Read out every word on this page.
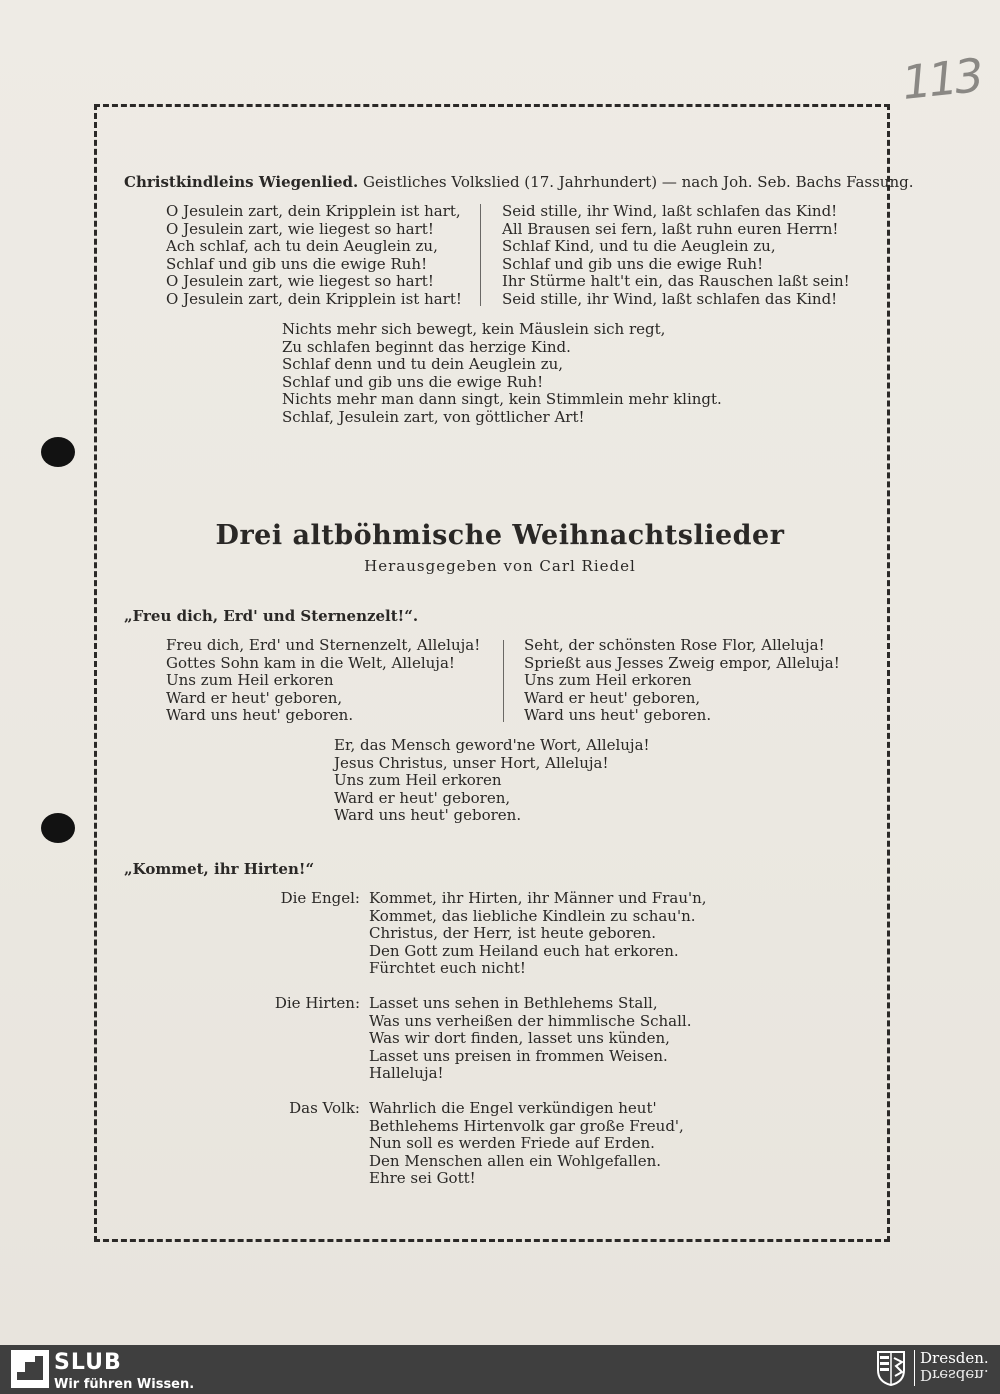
113
Christkindleins Wiegenlied. Geistliches Volkslied (17. Jahrhundert) — nach Joh. Seb. Bachs Fassung.
O Jesulein zart, dein Kripplein ist hart,
O Jesulein zart, wie liegest so hart!
Ach schlaf, ach tu dein Aeuglein zu,
Schlaf und gib uns die ewige Ruh!
O Jesulein zart, wie liegest so hart!
O Jesulein zart, dein Kripplein ist hart!
Seid stille, ihr Wind, laßt schlafen das Kind!
All Brausen sei fern, laßt ruhn euren Herrn!
Schlaf Kind, und tu die Aeuglein zu,
Schlaf und gib uns die ewige Ruh!
Ihr Stürme halt't ein, das Rauschen laßt sein!
Seid stille, ihr Wind, laßt schlafen das Kind!
Nichts mehr sich bewegt, kein Mäuslein sich regt,
Zu schlafen beginnt das herzige Kind.
Schlaf denn und tu dein Aeuglein zu,
Schlaf und gib uns die ewige Ruh!
Nichts mehr man dann singt, kein Stimmlein mehr klingt.
Schlaf, Jesulein zart, von göttlicher Art!
Drei altböhmische Weihnachtslieder
Herausgegeben von Carl Riedel
„Freu dich, Erd' und Sternenzelt!“.
Freu dich, Erd' und Sternenzelt, Alleluja!
Gottes Sohn kam in die Welt, Alleluja!
Uns zum Heil erkoren
Ward er heut' geboren,
Ward uns heut' geboren.
Seht, der schönsten Rose Flor, Alleluja!
Sprießt aus Jesses Zweig empor, Alleluja!
Uns zum Heil erkoren
Ward er heut' geboren,
Ward uns heut' geboren.
Er, das Mensch geword'ne Wort, Alleluja!
Jesus Christus, unser Hort, Alleluja!
Uns zum Heil erkoren
Ward er heut' geboren,
Ward uns heut' geboren.
„Kommet, ihr Hirten!“
Die Engel: Kommet, ihr Hirten, ihr Männer und Frau'n,
Kommet, das liebliche Kindlein zu schau'n.
Christus, der Herr, ist heute geboren.
Den Gott zum Heiland euch hat erkoren.
Fürchtet euch nicht!
Die Hirten: Lasset uns sehen in Bethlehems Stall,
Was uns verheißen der himmlische Schall.
Was wir dort finden, lasset uns künden,
Lasset uns preisen in frommen Weisen.
Halleluja!
Das Volk: Wahrlich die Engel verkündigen heut'
Bethlehems Hirtenvolk gar große Freud',
Nun soll es werden Friede auf Erden.
Den Menschen allen ein Wohlgefallen.
Ehre sei Gott!
SLUB
Wir führen Wissen.
Dresden.
Dresden.
